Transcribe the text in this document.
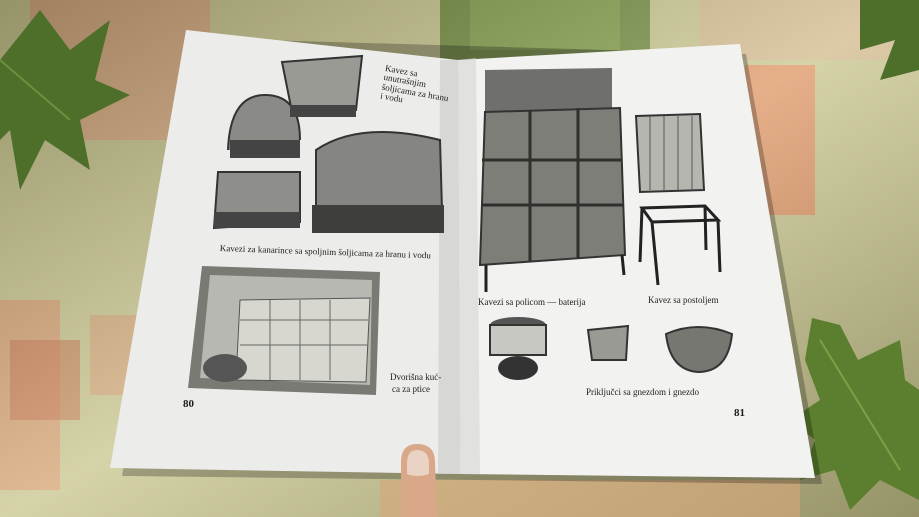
Kavez sa unutrašnjim šoljicama za hranu i vodu
Kavezi za kanarince sa spoljnim šoljicama za hranu i vodu
Dvorišna kuć-
ca za ptice
80
Kavezi sa policom — baterija	Kavez sa postoljem
Priključci sa gnezdom i gnezdo
81
